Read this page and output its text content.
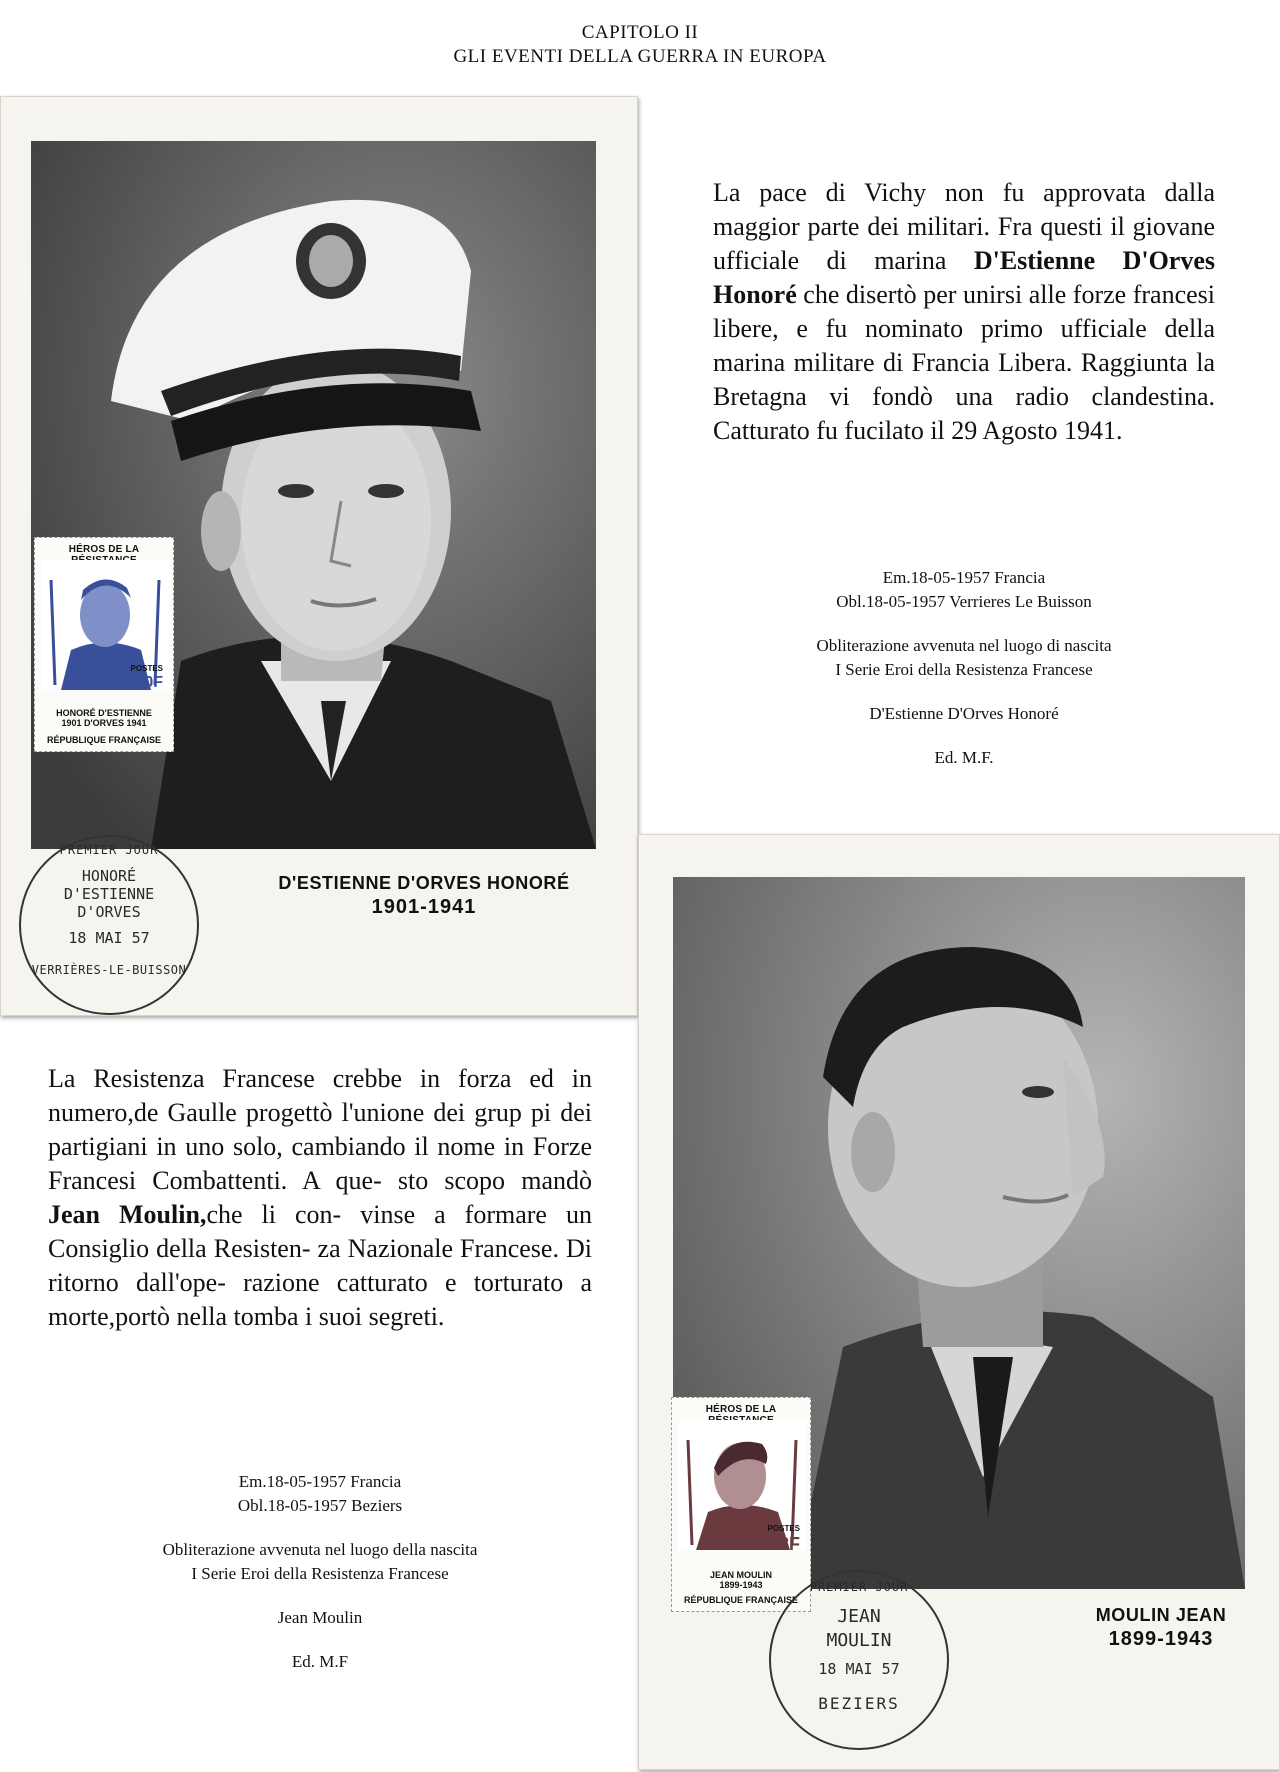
CAPITOLO II
GLI EVENTI DELLA GUERRA IN EUROPA
HÉROS DE LA
POSTES
10F
HONORÉ D'ESTIENNE
1901 D'ORVES 1941
RÉPUBLIQUE FRANÇAISE
PREMIER JOUR
HONORÉ
D'ESTIENNE
D'ORVES
18 MAI 57
VERRIÈRES-LE-BUISSON
D'ESTIENNE D'ORVES HONORÉ
1901-1941
La pace di Vichy non fu approvata dalla maggior parte dei militari. Fra questi il giovane ufficiale di marina D'Estienne D'Orves Honoré che disertò per unirsi alle forze francesi libere, e fu nominato primo ufficiale della marina militare di Francia Libera. Raggiunta la Bretagna vi fondò una radio clandestina. Catturato fu fucilato il 29 Agosto 1941.

Em.18-05-1957 Francia

Obl.18-05-1957 Verrieres Le Buisson

Obliterazione avvenuta nel luogo di nascita

I Serie Eroi della Resistenza Francese

D'Estienne D'Orves Honoré

Ed. M.F.

La Resistenza Francese crebbe in forza ed in numero,de Gaulle progettò l'unione dei grup pi dei partigiani in uno solo, cambiando il nome in Forze Francesi Combattenti. A que- sto scopo mandò Jean Moulin,che li con- vinse a formare un Consiglio della Resisten- za Nazionale Francese. Di ritorno dall'ope- razione catturato e torturato a morte,portò nella tomba i suoi segreti.

Em.18-05-1957 Francia

Obl.18-05-1957 Beziers

Obliterazione avvenuta nel luogo della nascita

I Serie Eroi della Resistenza Francese

Jean Moulin

Ed. M.F

HÉROS DE LA
POSTES
8F
JEAN MOULIN
1899-1943
RÉPUBLIQUE FRANÇAISE
PREMIER JOUR
JEAN
MOULIN
18 MAI 57
BEZIERS
MOULIN JEAN
1899-1943
